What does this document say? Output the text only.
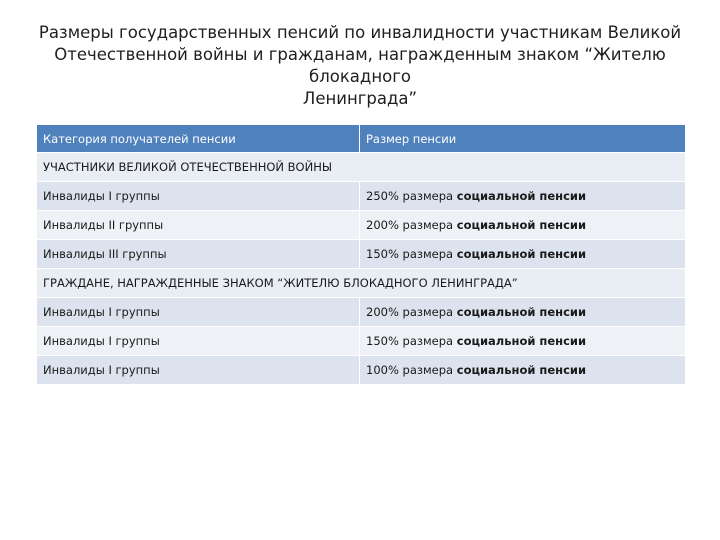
Размеры государственных пенсий по инвалидности участникам Великой
Отечественной войны и гражданам, награжденным знаком “Жителю блокадного
Ленинграда”
Категория получателей пенсии	Размер пенсии
УЧАСТНИКИ ВЕЛИКОЙ ОТЕЧЕСТВЕННОЙ ВОЙНЫ	
Инвалиды I группы	250% размера социальной пенсии
Инвалиды II группы	200% размера социальной пенсии
Инвалиды III группы	150% размера социальной пенсии
ГРАЖДАНЕ, НАГРАЖДЕННЫЕ ЗНАКОМ “ЖИТЕЛЮ БЛОКАДНОГО ЛЕНИНГРАДА”	
Инвалиды I группы	200% размера социальной пенсии
Инвалиды I группы	150% размера социальной пенсии
Инвалиды I группы	100% размера социальной пенсии
